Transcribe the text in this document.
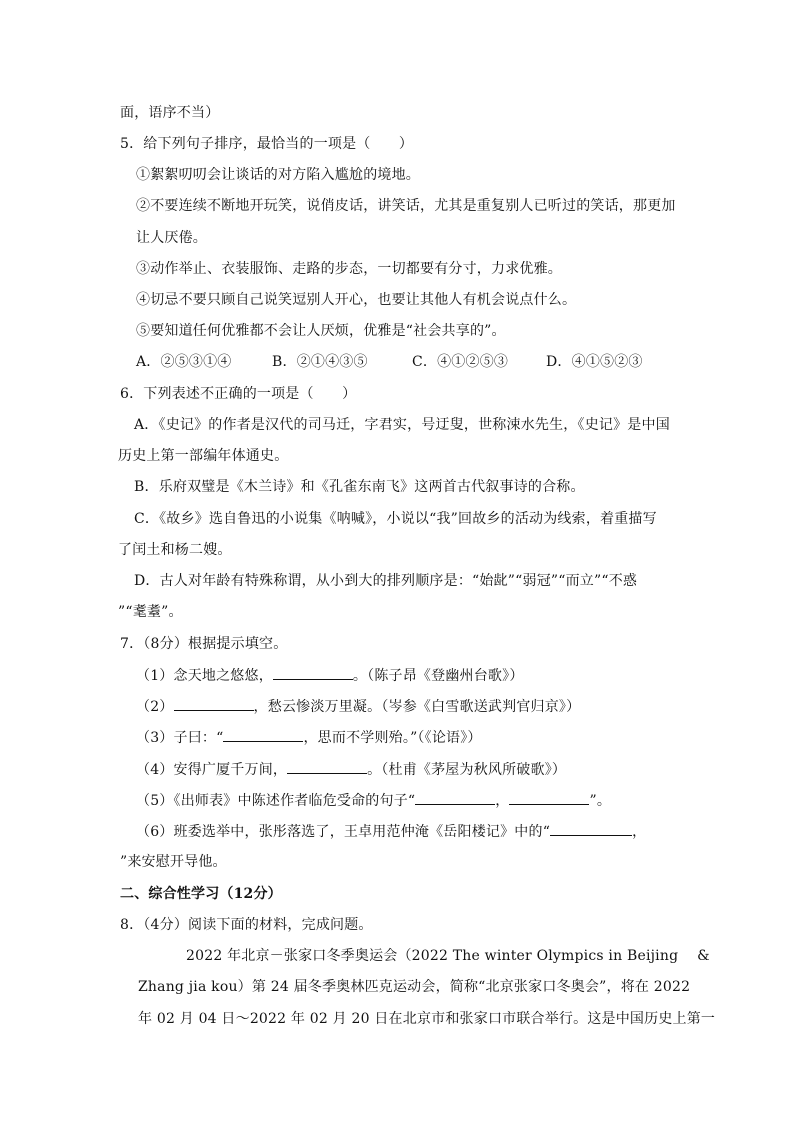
面，语序不当）
5．给下列句子排序，最恰当的一项是（　　）
①絮絮叨叨会让谈话的对方陷入尴尬的境地。
②不要连续不断地开玩笑，说俏皮话，讲笑话，尤其是重复别人已听过的笑话，那更加
让人厌倦。
③动作举止、衣装服饰、走路的步态，一切都要有分寸，力求优雅。
④切忌不要只顾自己说笑逗别人开心，也要让其他人有机会说点什么。
⑤要知道任何优雅都不会让人厌烦，优雅是“社会共享的”。
A．②⑤③①④	B．②①④③⑤	C．④①②⑤③	D．④①⑤②③
6．下列表述不正确的一项是（　　）
A．《史记》的作者是汉代的司马迁，字君实，号迂叟，世称涑水先生，《史记》是中国
历史上第一部编年体通史。
B．乐府双璧是《木兰诗》和《孔雀东南飞》这两首古代叙事诗的合称。
C．《故乡》选自鲁迅的小说集《呐喊》，小说以“我”回故乡的活动为线索，着重描写
了闰土和杨二嫂。
D．古人对年龄有特殊称谓，从小到大的排列顺序是：“始龀”“弱冠”“而立”“不惑
”“耄耋”。
7．（8分）根据提示填空。
（1）念天地之悠悠，	。（陈子昂《登幽州台歌》）
（2）	，愁云惨淡万里凝。（岑参《白雪歌送武判官归京》）
（3）子曰：“	，思而不学则殆。”（《论语》）
（4）安得广厦千万间，	。（杜甫《茅屋为秋风所破歌》）
（5）《出师表》中陈述作者临危受命的句子“	，	”。
（6）班委选举中，张彤落选了，王卓用范仲淹《岳阳楼记》中的“	，
”来安慰开导他。
二、综合性学习（12分）
8．（4分）阅读下面的材料，完成问题。
2022 年北京－张家口冬季奥运会（2022 The winter Olympics in Beijing　 &
Zhang jia kou）第 24 届冬季奥林匹克运动会，简称“北京张家口冬奥会”，将在 2022
年 02 月 04 日～2022 年 02 月 20 日在北京市和张家口市联合举行。这是中国历史上第一
